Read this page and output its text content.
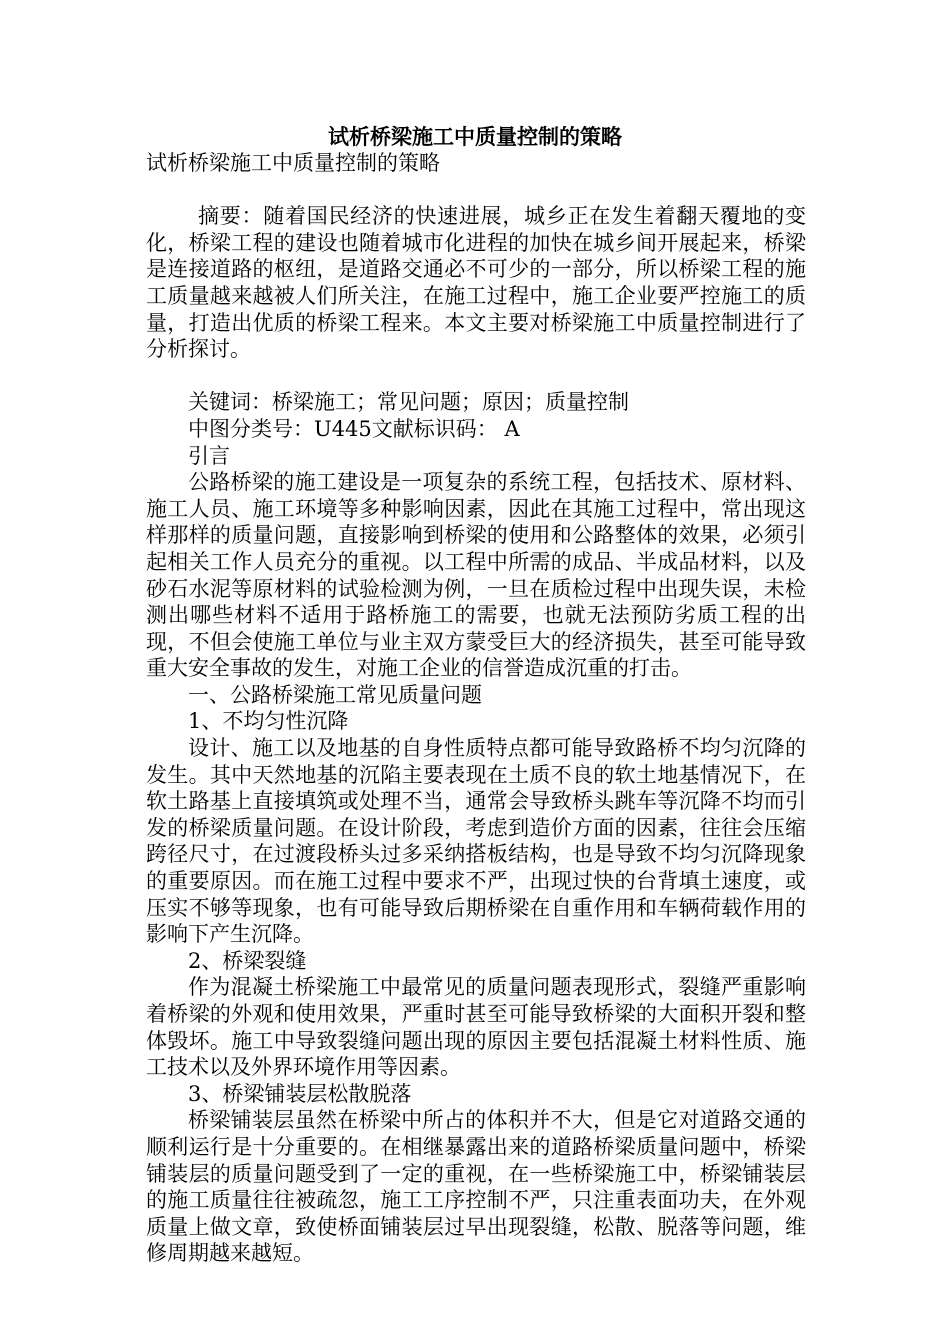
试析桥梁施工中质量控制的策略

试析桥梁施工中质量控制的策略

摘要：随着国民经济的快速进展，城乡正在发生着翻天覆地的变化，桥梁工程的建设也随着城市化进程的加快在城乡间开展起来，桥梁是连接道路的枢纽，是道路交通必不可少的一部分，所以桥梁工程的施工质量越来越被人们所关注，在施工过程中，施工企业要严控施工的质量，打造出优质的桥梁工程来。本文主要对桥梁施工中质量控制进行了分析探讨。

关键词：桥梁施工；常见问题；原因；质量控制

中图分类号：U445文献标识码： A

引言

公路桥梁的施工建设是一项复杂的系统工程，包括技术、原材料、施工人员、施工环境等多种影响因素，因此在其施工过程中，常出现这样那样的质量问题，直接影响到桥梁的使用和公路整体的效果，必须引起相关工作人员充分的重视。以工程中所需的成品、半成品材料，以及砂石水泥等原材料的试验检测为例，一旦在质检过程中出现失误，未检测出哪些材料不适用于路桥施工的需要，也就无法预防劣质工程的出现，不但会使施工单位与业主双方蒙受巨大的经济损失，甚至可能导致重大安全事故的发生，对施工企业的信誉造成沉重的打击。

一、公路桥梁施工常见质量问题

1、不均匀性沉降

设计、施工以及地基的自身性质特点都可能导致路桥不均匀沉降的发生。其中天然地基的沉陷主要表现在土质不良的软土地基情况下，在软土路基上直接填筑或处理不当，通常会导致桥头跳车等沉降不均而引发的桥梁质量问题。在设计阶段，考虑到造价方面的因素，往往会压缩跨径尺寸，在过渡段桥头过多采纳搭板结构，也是导致不均匀沉降现象的重要原因。而在施工过程中要求不严，出现过快的台背填土速度，或压实不够等现象，也有可能导致后期桥梁在自重作用和车辆荷载作用的影响下产生沉降。

2、桥梁裂缝

作为混凝土桥梁施工中最常见的质量问题表现形式，裂缝严重影响着桥梁的外观和使用效果，严重时甚至可能导致桥梁的大面积开裂和整体毁坏。施工中导致裂缝问题出现的原因主要包括混凝土材料性质、施工技术以及外界环境作用等因素。

3、桥梁铺装层松散脱落

桥梁铺装层虽然在桥梁中所占的体积并不大，但是它对道路交通的顺利运行是十分重要的。在相继暴露出来的道路桥梁质量问题中，桥梁铺装层的质量问题受到了一定的重视，在一些桥梁施工中，桥梁铺装层的施工质量往往被疏忽，施工工序控制不严，只注重表面功夫，在外观质量上做文章，致使桥面铺装层过早出现裂缝，松散、脱落等问题，维修周期越来越短。
